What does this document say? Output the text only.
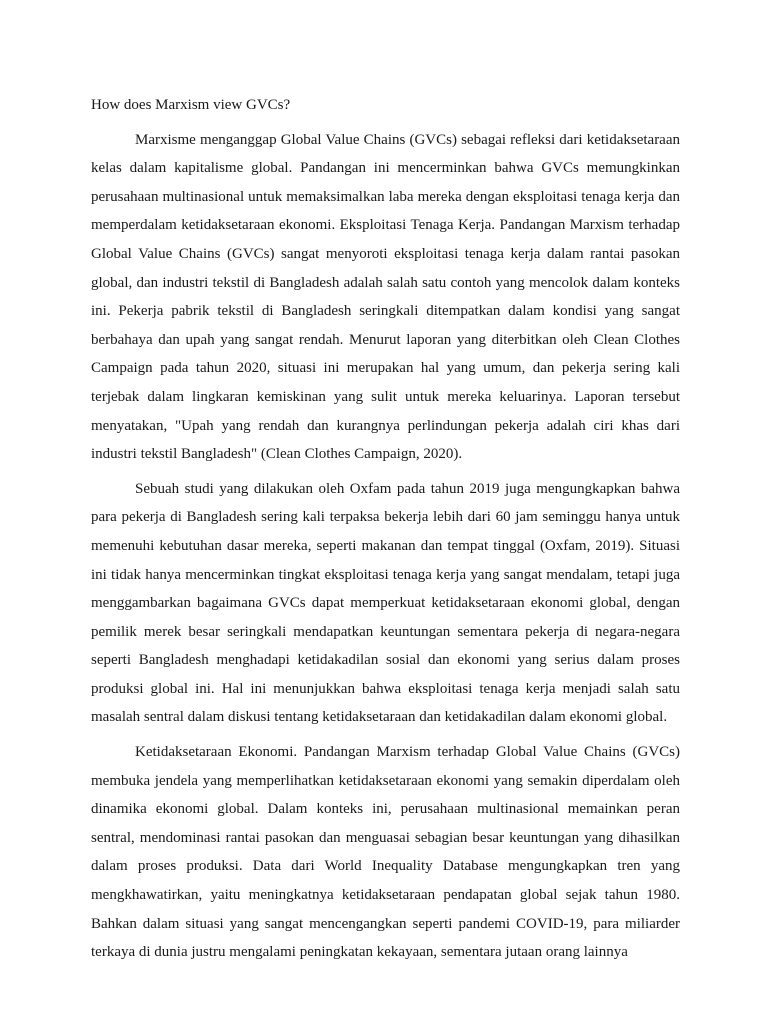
How does Marxism view GVCs?

Marxisme menganggap Global Value Chains (GVCs) sebagai refleksi dari ketidaksetaraan kelas dalam kapitalisme global. Pandangan ini mencerminkan bahwa GVCs memungkinkan perusahaan multinasional untuk memaksimalkan laba mereka dengan eksploitasi tenaga kerja dan memperdalam ketidaksetaraan ekonomi. Eksploitasi Tenaga Kerja. Pandangan Marxism terhadap Global Value Chains (GVCs) sangat menyoroti eksploitasi tenaga kerja dalam rantai pasokan global, dan industri tekstil di Bangladesh adalah salah satu contoh yang mencolok dalam konteks ini. Pekerja pabrik tekstil di Bangladesh seringkali ditempatkan dalam kondisi yang sangat berbahaya dan upah yang sangat rendah. Menurut laporan yang diterbitkan oleh Clean Clothes Campaign pada tahun 2020, situasi ini merupakan hal yang umum, dan pekerja sering kali terjebak dalam lingkaran kemiskinan yang sulit untuk mereka keluarinya. Laporan tersebut menyatakan, "Upah yang rendah dan kurangnya perlindungan pekerja adalah ciri khas dari industri tekstil Bangladesh" (Clean Clothes Campaign, 2020).

Sebuah studi yang dilakukan oleh Oxfam pada tahun 2019 juga mengungkapkan bahwa para pekerja di Bangladesh sering kali terpaksa bekerja lebih dari 60 jam seminggu hanya untuk memenuhi kebutuhan dasar mereka, seperti makanan dan tempat tinggal (Oxfam, 2019). Situasi ini tidak hanya mencerminkan tingkat eksploitasi tenaga kerja yang sangat mendalam, tetapi juga menggambarkan bagaimana GVCs dapat memperkuat ketidaksetaraan ekonomi global, dengan pemilik merek besar seringkali mendapatkan keuntungan sementara pekerja di negara-negara seperti Bangladesh menghadapi ketidakadilan sosial dan ekonomi yang serius dalam proses produksi global ini. Hal ini menunjukkan bahwa eksploitasi tenaga kerja menjadi salah satu masalah sentral dalam diskusi tentang ketidaksetaraan dan ketidakadilan dalam ekonomi global.

Ketidaksetaraan Ekonomi. Pandangan Marxism terhadap Global Value Chains (GVCs) membuka jendela yang memperlihatkan ketidaksetaraan ekonomi yang semakin diperdalam oleh dinamika ekonomi global. Dalam konteks ini, perusahaan multinasional memainkan peran sentral, mendominasi rantai pasokan dan menguasai sebagian besar keuntungan yang dihasilkan dalam proses produksi. Data dari World Inequality Database mengungkapkan tren yang mengkhawatirkan, yaitu meningkatnya ketidaksetaraan pendapatan global sejak tahun 1980. Bahkan dalam situasi yang sangat mencengangkan seperti pandemi COVID-19, para miliarder terkaya di dunia justru mengalami peningkatan kekayaan, sementara jutaan orang lainnya
